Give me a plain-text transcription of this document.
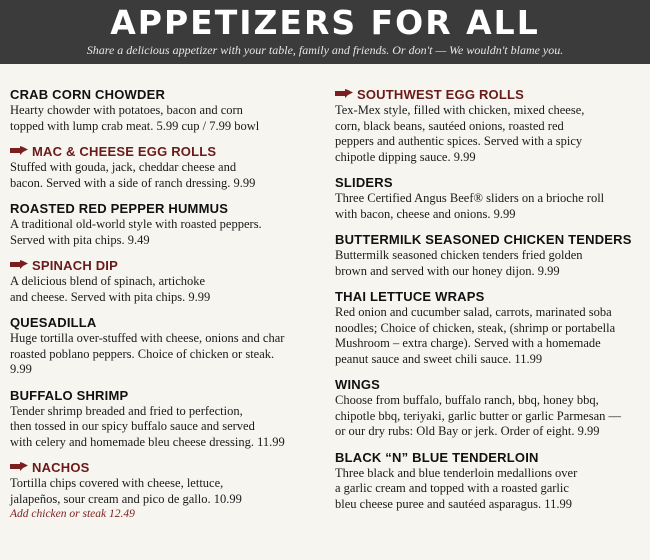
APPETIZERS FOR ALL

Share a delicious appetizer with your table, family and friends. Or don't — We wouldn't blame you.

CRAB CORN CHOWDER
Hearty chowder with potatoes, bacon and corn
topped with lump crab meat. 5.99 cup / 7.99 bowl
MAC & CHEESE EGG ROLLS
Stuffed with gouda, jack, cheddar cheese and
bacon. Served with a side of ranch dressing. 9.99
ROASTED RED PEPPER HUMMUS
A traditional old-world style with roasted peppers.
Served with pita chips. 9.49
SPINACH DIP
A delicious blend of spinach, artichoke
and cheese. Served with pita chips. 9.99
QUESADILLA
Huge tortilla over-stuffed with cheese, onions and char
roasted poblano peppers. Choice of chicken or steak.
9.99
BUFFALO SHRIMP
Tender shrimp breaded and fried to perfection,
then tossed in our spicy buffalo sauce and served
with celery and homemade bleu cheese dressing. 11.99
NACHOS
Tortilla chips covered with cheese, lettuce,
jalapeños, sour cream and pico de gallo. 10.99
Add chicken or steak 12.49
SOUTHWEST EGG ROLLS
Tex-Mex style, filled with chicken, mixed cheese,
corn, black beans, sautéed onions, roasted red
peppers and authentic spices. Served with a spicy
chipotle dipping sauce. 9.99
SLIDERS
Three Certified Angus Beef® sliders on a brioche roll
with bacon, cheese and onions. 9.99
BUTTERMILK SEASONED CHICKEN TENDERS
Buttermilk seasoned chicken tenders fried golden
brown and served with our honey dijon. 9.99
THAI LETTUCE WRAPS
Red onion and cucumber salad, carrots, marinated soba
noodles; Choice of chicken, steak, (shrimp or portabella
Mushroom – extra charge). Served with a homemade
peanut sauce and sweet chili sauce. 11.99
WINGS
Choose from buffalo, buffalo ranch, bbq, honey bbq,
chipotle bbq, teriyaki, garlic butter or garlic Parmesan —
or our dry rubs: Old Bay or jerk. Order of eight. 9.99
BLACK “N” BLUE TENDERLOIN
Three black and blue tenderloin medallions over
a garlic cream and topped with a roasted garlic
bleu cheese puree and sautéed asparagus. 11.99
